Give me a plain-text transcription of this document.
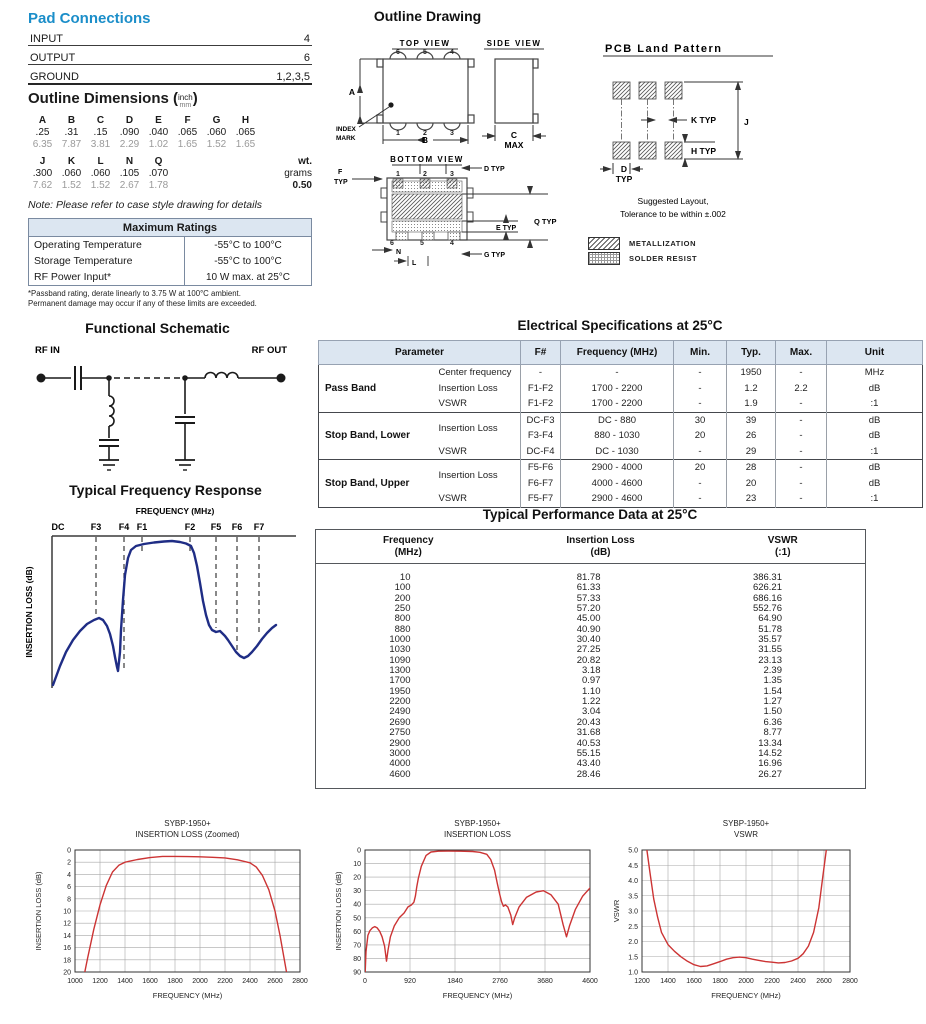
Pad Connections
INPUT	4
OUTPUT	6
GROUND	1,2,3,5
Outline Dimensions (inch
mm )
A	B	C	D	E	F	G	H
.25	.31	.15	.090 .040 .065 .060 .065
6.35 7.87 3.81 2.29 1.02 1.65 1.52 1.65
wt.
grams
0.50
J	K	L	N	Q
.300 .060 .060 .105 .070
7.62 1.52 1.52 2.67 1.78
Note: Please refer to case style drawing for details
Maximum Ratings
Operating Temperature	-55°C to 100°C
Storage Temperature	-55°C to 100°C
RF Power Input*	10 W max. at 25°C
*Passband rating, derate linearly to 3.75 W at 100°C ambient.
Permanent damage may occur if any of these limits are exceeded.
Functional Schematic
RF IN	RF OUT
Typical Frequency Response
FREQUENCY (MHz)
INSERTION LOSS (dB)
DC	F3 F4 F1	F2 F5 F6 F7
Outline Drawing
TOP VIEW
6	5	4
1	2	3
A
B
INDEX
MARK
SIDE VIEW
C
MAX
BOTTOM VIEW
1	2	3
6	5	4
F
TYP
D TYP
E TYP
Q TYP
G TYP
N
L
PCB Land Pattern
K TYP	J
H TYP
D
TYP
Suggested Layout,
Tolerance to be within ±.002
METALLIZATION
SOLDER RESIST
Electrical Specifications at 25°C
Parameter		F#	Frequency (MHz)	Min.	Typ.	Max.	Unit
Pass Band	Center frequency	-	-	-	1950	-	MHz
	Insertion Loss	F1-F2	1700 - 2200	-	1.2	2.2	dB
	VSWR	F1-F2	1700 - 2200	-	1.9	-	:1
Stop Band, Lower	Insertion Loss	DC-F3	DC - 880	30	39	-	dB
		F3-F4	880 - 1030	20	26	-	dB
	VSWR	DC-F4	DC - 1030	-	29	-	:1
Stop Band, Upper	Insertion Loss	F5-F6	2900 - 4000	20	28	-	dB
		F6-F7	4000 - 4600	-	20	-	dB
	VSWR	F5-F7	2900 - 4600	-	23	-	:1
Typical Performance Data at 25°C
Frequency
(MHz)

Insertion Loss
(dB)

VSWR
(:1)

10	81.78	386.31
100	61.33	626.21
200	57.33	686.16
250	57.20	552.76
800	45.00	64.90
880	40.90	51.78
1000	30.40	35.57
1030	27.25	31.55
1090	20.82	23.13
1300	3.18	2.39
1700	0.97	1.35
1950	1.10	1.54
2200	1.22	1.27
2490	3.04	1.50
2690	20.43	6.36
2750	31.68	8.77
2900	40.53	13.34
3000	55.15	14.52
4000	43.40	16.96
4600	28.46	26.27

1000 1200 1400 1600 1800 2000 2200 2400 2600 2800
0
2
4
6
8
10
12
14
16
18
20
SYBP-1950+
INSERTION LOSS (Zoomed)
FREQUENCY (MHz)
INSERTION LOSS (dB)
0	920	1840	2760	3680	4600
0
10
20
30
40
50
60
70
80
90
SYBP-1950+
INSERTION LOSS
FREQUENCY (MHz)
INSERTION LOSS (dB)
1200 1400 1600 1800 2000 2200 2400 2600 2800
5.0
4.5
4.0
3.5
3.0
2.5
2.0
1.5
1.0
SYBP-1950+
VSWR
FREQUENCY (MHz)
VSWR
